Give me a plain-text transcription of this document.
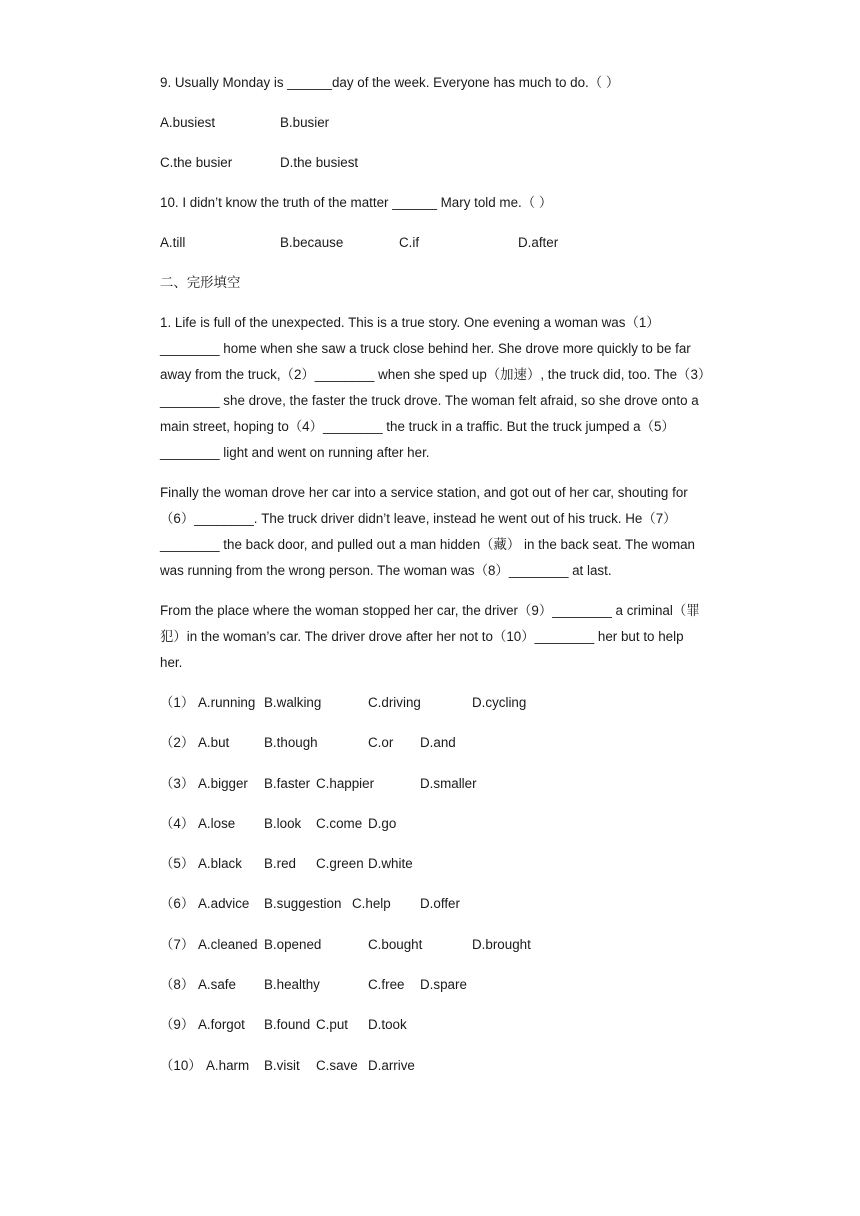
9. Usually Monday is ______day of the week. Everyone has much to do.（ ）

A.busiest	B.busier
C.the busier	D.the busiest

10. I didn’t know the truth of the matter ______ Mary told me.（ ）

A.till	B.because	C.if	D.after

二、完形填空

1. Life is full of the unexpected. This is a true story. One evening a woman was（1）
________ home when she saw a truck close behind her. She drove more quickly to be far
away from the truck,（2）________ when she sped up（加速）, the truck did, too. The（3）
________ she drove, the faster the truck drove. The woman felt afraid, so she drove onto a
main street, hoping to（4）________ the truck in a traffic. But the truck jumped a（5）
________ light and went on running after her.
Finally the woman drove her car into a service station, and got out of her car, shouting for
（6）________. The truck driver didn’t leave, instead he went out of his truck. He（7）
________ the back door, and pulled out a man hidden（藏） in the back seat. The woman
was running from the wrong person. The woman was（8）________ at last.
From the place where the woman stopped her car, the driver（9）________ a criminal（罪
犯）in the woman’s car. The driver drove after her not to（10）________ her but to help
her.
（1） A.running B.walking	C.driving	D.cycling
（2） A.but	B.though	C.or D.and
（3） A.bigger B.faster C.happier	D.smaller
（4） A.lose B.look C.come D.go
（5） A.black B.red C.green D.white
（6） A.advice B.suggestion C.help D.offer
（7） A.cleaned B.opened	C.bought	D.brought
（8） A.safe B.healthy	C.free D.spare
（9） A.forgot B.found C.put D.took
（10） A.harm B.visit C.save D.arrive
